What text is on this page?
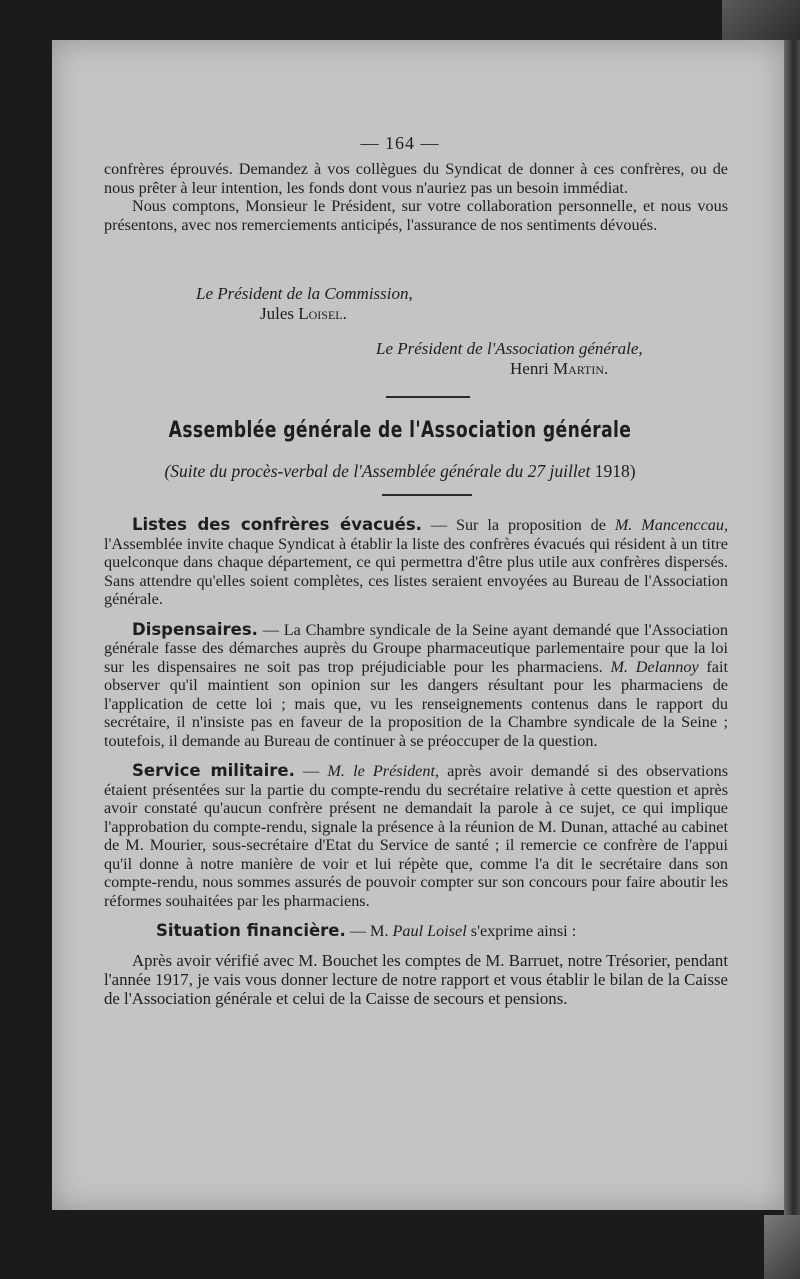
— 164 —

confrères éprouvés. Demandez à vos collègues du Syndicat de donner à ces confrères, ou de nous prêter à leur intention, les fonds dont vous n'auriez pas un besoin immédiat.

Nous comptons, Monsieur le Président, sur votre collaboration personnelle, et nous vous présentons, avec nos remerciements anticipés, l'assurance de nos sentiments dévoués.

Le Président de la Commission,
Jules Loisel.
Le Président de l'Association générale,
Henri Martin.
Assemblée générale de l'Association générale
(Suite du procès-verbal de l'Assemblée générale du 27 juillet 1918)

Listes des confrères évacués. — Sur la proposition de M. Mancenccau, l'Assemblée invite chaque Syndicat à établir la liste des confrères évacués qui résident à un titre quelconque dans chaque département, ce qui permettra d'être plus utile aux confrères dispersés. Sans attendre qu'elles soient complètes, ces listes seraient envoyées au Bureau de l'Association générale.

Dispensaires. — La Chambre syndicale de la Seine ayant demandé que l'Association générale fasse des démarches auprès du Groupe pharmaceutique parlementaire pour que la loi sur les dispensaires ne soit pas trop préjudiciable pour les pharmaciens. M. Delannoy fait observer qu'il maintient son opinion sur les dangers résultant pour les pharmaciens de l'application de cette loi ; mais que, vu les renseignements contenus dans le rapport du secrétaire, il n'insiste pas en faveur de la proposition de la Chambre syndicale de la Seine ; toutefois, il demande au Bureau de continuer à se préoccuper de la question.

Service militaire. — M. le Président, après avoir demandé si des observations étaient présentées sur la partie du compte-rendu du secrétaire relative à cette question et après avoir constaté qu'aucun confrère présent ne demandait la parole à ce sujet, ce qui implique l'approbation du compte-rendu, signale la présence à la réunion de M. Dunan, attaché au cabinet de M. Mourier, sous-secrétaire d'Etat du Service de santé ; il remercie ce confrère de l'appui qu'il donne à notre manière de voir et lui répète que, comme l'a dit le secrétaire dans son compte-rendu, nous sommes assurés de pouvoir compter sur son concours pour faire aboutir les réformes souhaitées par les pharmaciens.

Situation financière. — M. Paul Loisel s'exprime ainsi :

Après avoir vérifié avec M. Bouchet les comptes de M. Barruet, notre Trésorier, pendant l'année 1917, je vais vous donner lecture de notre rapport et vous établir le bilan de la Caisse de l'Association générale et celui de la Caisse de secours et pensions.
